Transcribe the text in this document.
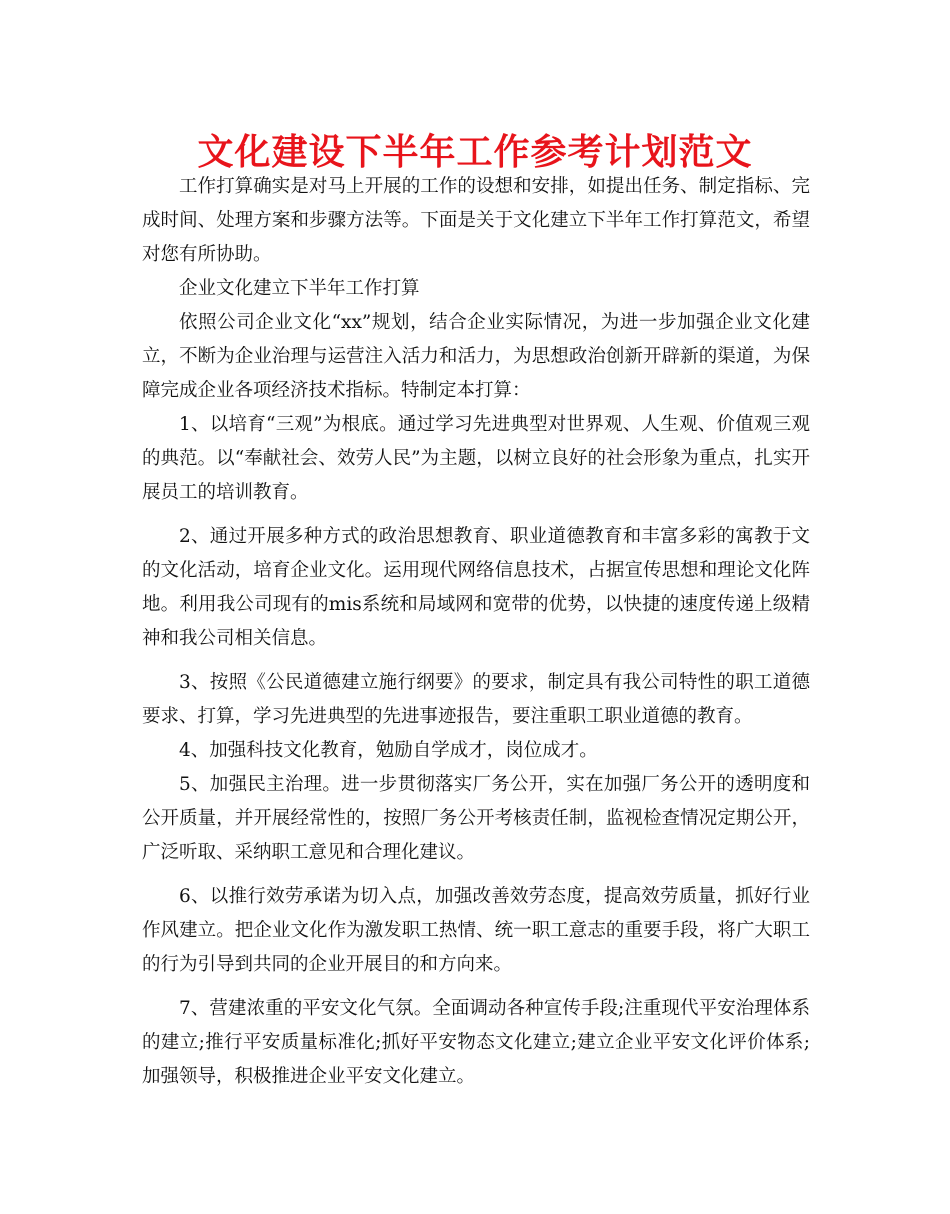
文化建设下半年工作参考计划范文

工作打算确实是对马上开展的工作的设想和安排，如提出任务、制定指标、完成时间、处理方案和步骤方法等。下面是关于文化建立下半年工作打算范文，希望对您有所协助。

企业文化建立下半年工作打算

依照公司企业文化“xx”规划，结合企业实际情况，为进一步加强企业文化建立，不断为企业治理与运营注入活力和活力，为思想政治创新开辟新的渠道，为保障完成企业各项经济技术指标。特制定本打算：

1、以培育“三观”为根底。通过学习先进典型对世界观、人生观、价值观三观的典范。以“奉献社会、效劳人民”为主题，以树立良好的社会形象为重点，扎实开展员工的培训教育。

2、通过开展多种方式的政治思想教育、职业道德教育和丰富多彩的寓教于文的文化活动，培育企业文化。运用现代网络信息技术，占据宣传思想和理论文化阵地。利用我公司现有的mis系统和局域网和宽带的优势，以快捷的速度传递上级精神和我公司相关信息。

3、按照《公民道德建立施行纲要》的要求，制定具有我公司特性的职工道德要求、打算，学习先进典型的先进事迹报告，要注重职工职业道德的教育。

4、加强科技文化教育，勉励自学成才，岗位成才。

5、加强民主治理。进一步贯彻落实厂务公开，实在加强厂务公开的透明度和公开质量，并开展经常性的，按照厂务公开考核责任制，监视检查情况定期公开，广泛听取、采纳职工意见和合理化建议。

6、以推行效劳承诺为切入点，加强改善效劳态度，提高效劳质量，抓好行业作风建立。把企业文化作为激发职工热情、统一职工意志的重要手段，将广大职工的行为引导到共同的企业开展目的和方向来。

7、营建浓重的平安文化气氛。全面调动各种宣传手段;注重现代平安治理体系的建立;推行平安质量标准化;抓好平安物态文化建立;建立企业平安文化评价体系;加强领导，积极推进企业平安文化建立。
